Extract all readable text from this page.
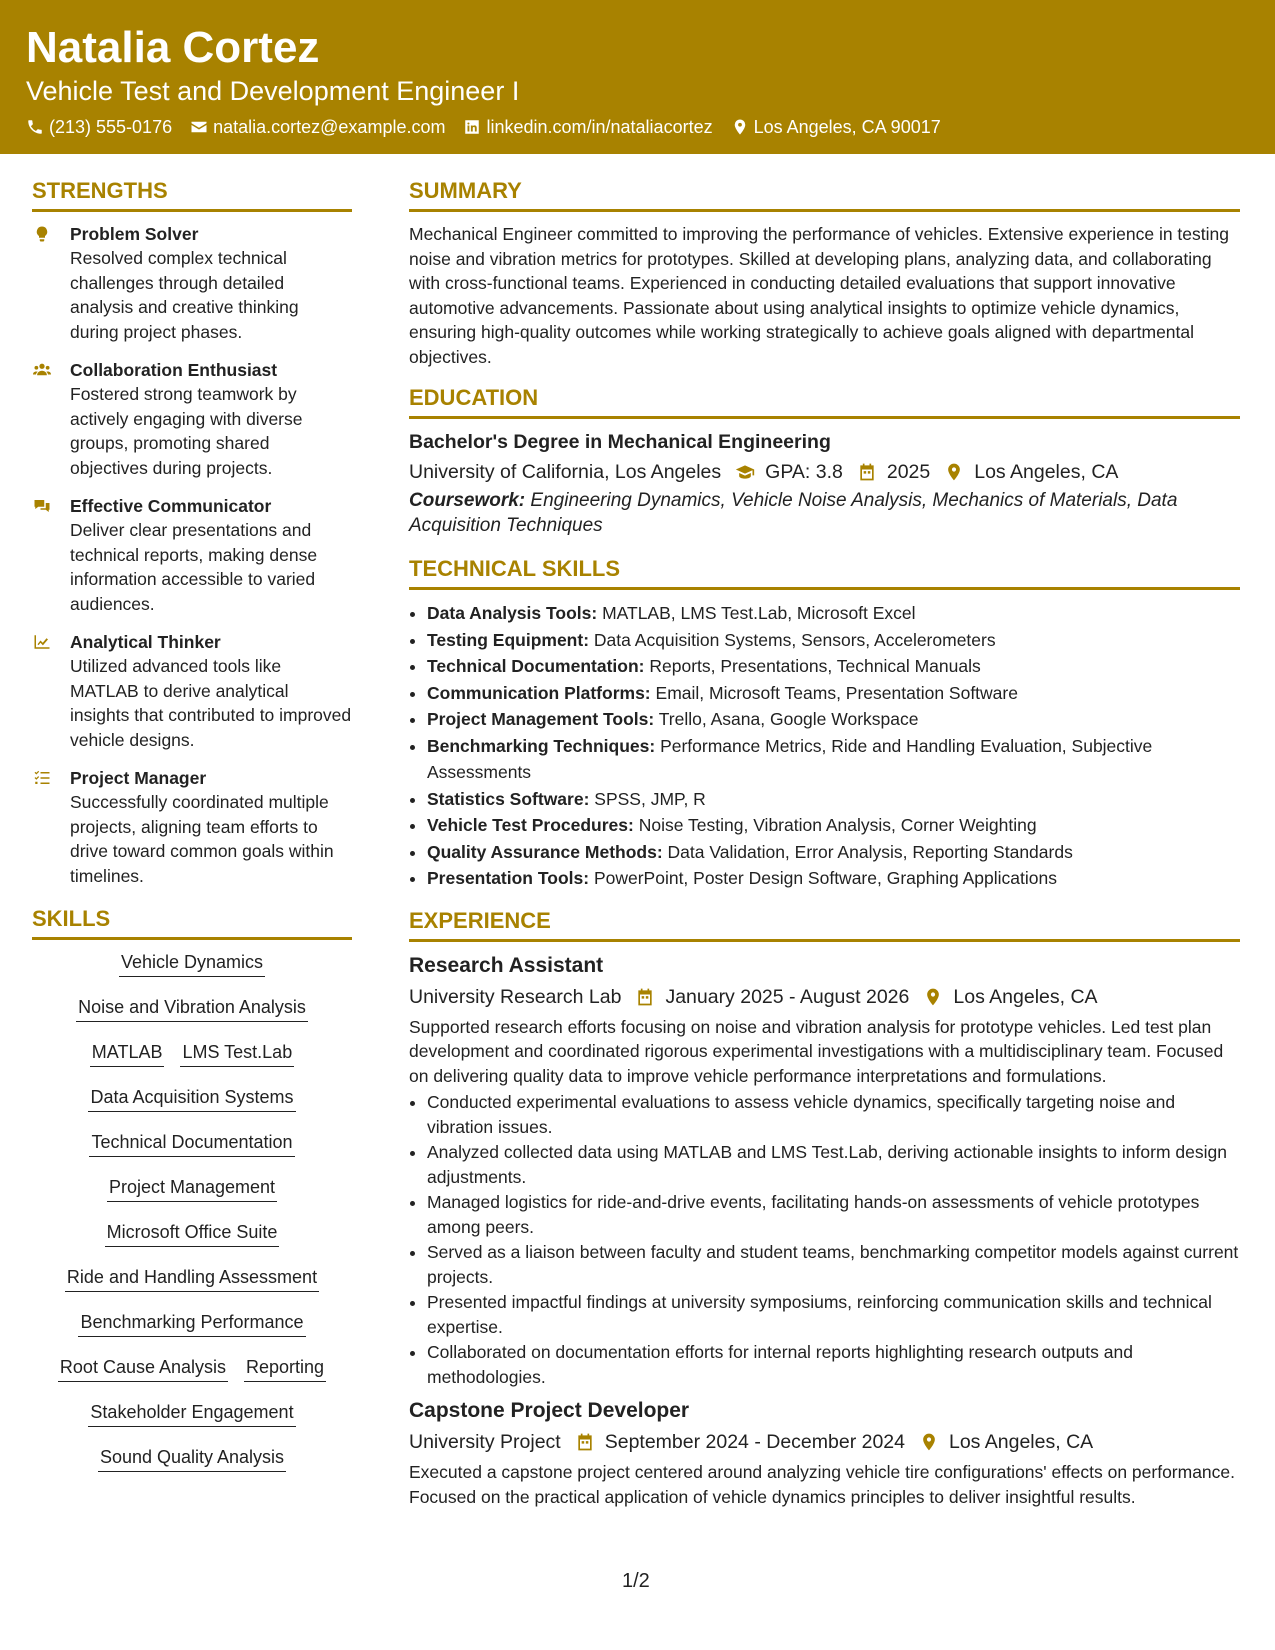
Natalia Cortez
Vehicle Test and Development Engineer I
(213) 555-0176 natalia.cortez@example.com linkedin.com/in/nataliacortez Los Angeles, CA 90017
STRENGTHS
Problem Solver
Resolved complex technical challenges through detailed analysis and creative thinking during project phases.
Collaboration Enthusiast
Fostered strong teamwork by actively engaging with diverse groups, promoting shared objectives during projects.
Effective Communicator
Deliver clear presentations and technical reports, making dense information accessible to varied audiences.
Analytical Thinker
Utilized advanced tools like MATLAB to derive analytical insights that contributed to improved vehicle designs.
Project Manager
Successfully coordinated multiple projects, aligning team efforts to drive toward common goals within timelines.
SKILLS
Vehicle Dynamics
Noise and Vibration Analysis
MATLAB LMS Test.Lab
Data Acquisition Systems
Technical Documentation
Project Management
Microsoft Office Suite
Ride and Handling Assessment
Benchmarking Performance
Root Cause Analysis Reporting
Stakeholder Engagement
Sound Quality Analysis
SUMMARY
Mechanical Engineer committed to improving the performance of vehicles. Extensive experience in testing noise and vibration metrics for prototypes. Skilled at developing plans, analyzing data, and collaborating with cross-functional teams. Experienced in conducting detailed evaluations that support innovative automotive advancements. Passionate about using analytical insights to optimize vehicle dynamics, ensuring high-quality outcomes while working strategically to achieve goals aligned with departmental objectives.
EDUCATION
Bachelor's Degree in Mechanical Engineering
University of California, Los Angeles GPA: 3.8 2025 Los Angeles, CA
Coursework: Engineering Dynamics, Vehicle Noise Analysis, Mechanics of Materials, Data Acquisition Techniques
TECHNICAL SKILLS
• Data Analysis Tools: MATLAB, LMS Test.Lab, Microsoft Excel
• Testing Equipment: Data Acquisition Systems, Sensors, Accelerometers
• Technical Documentation: Reports, Presentations, Technical Manuals
• Communication Platforms: Email, Microsoft Teams, Presentation Software
• Project Management Tools: Trello, Asana, Google Workspace
• Benchmarking Techniques: Performance Metrics, Ride and Handling Evaluation, Subjective Assessments
• Statistics Software: SPSS, JMP, R
• Vehicle Test Procedures: Noise Testing, Vibration Analysis, Corner Weighting
• Quality Assurance Methods: Data Validation, Error Analysis, Reporting Standards
• Presentation Tools: PowerPoint, Poster Design Software, Graphing Applications
EXPERIENCE
Research Assistant
University Research Lab January 2025 - August 2026 Los Angeles, CA
Supported research efforts focusing on noise and vibration analysis for prototype vehicles. Led test plan development and coordinated rigorous experimental investigations with a multidisciplinary team. Focused on delivering quality data to improve vehicle performance interpretations and formulations.
• Conducted experimental evaluations to assess vehicle dynamics, specifically targeting noise and vibration issues.
• Analyzed collected data using MATLAB and LMS Test.Lab, deriving actionable insights to inform design adjustments.
• Managed logistics for ride-and-drive events, facilitating hands-on assessments of vehicle prototypes among peers.
• Served as a liaison between faculty and student teams, benchmarking competitor models against current projects.
• Presented impactful findings at university symposiums, reinforcing communication skills and technical expertise.
• Collaborated on documentation efforts for internal reports highlighting research outputs and methodologies.
Capstone Project Developer
University Project September 2024 - December 2024 Los Angeles, CA
Executed a capstone project centered around analyzing vehicle tire configurations' effects on performance. Focused on the practical application of vehicle dynamics principles to deliver insightful results.
1/2
